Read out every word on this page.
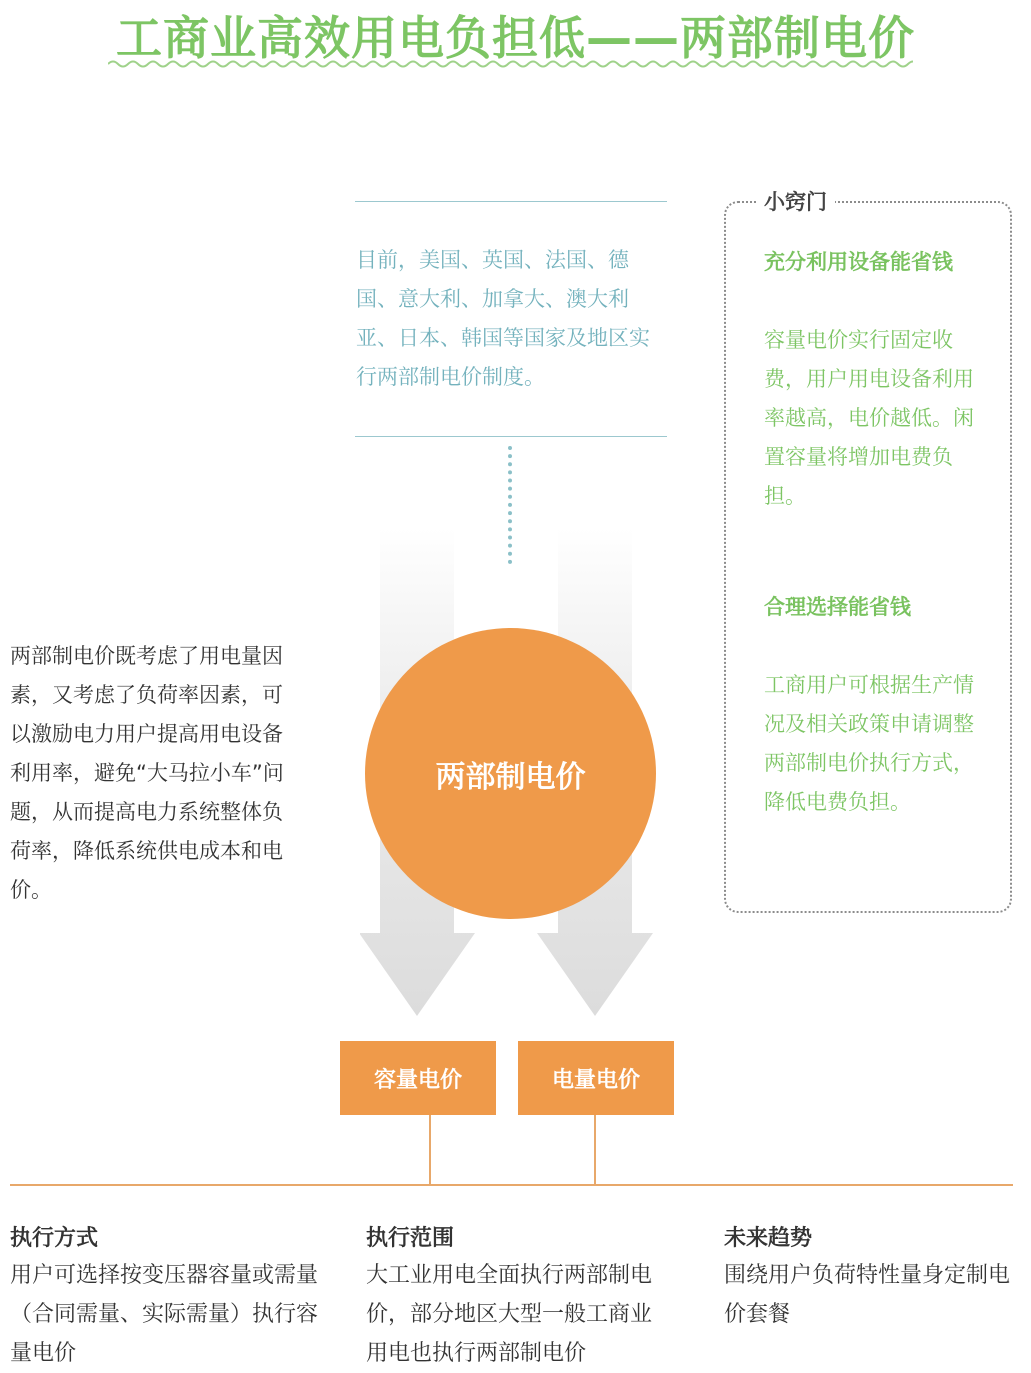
工商业高效用电负担低——两部制电价
目前，美国、英国、法国、德国、意大利、加拿大、澳大利亚、日本、韩国等国家及地区实行两部制电价制度。
两部制电价既考虑了用电量因素，又考虑了负荷率因素，可以激励电力用户提高用电设备利用率，避免“大马拉小车”问题，从而提高电力系统整体负荷率，降低系统供电成本和电价。
小窍门
充分利用设备能省钱
容量电价实行固定收费，用户用电设备利用率越高，电价越低。闲置容量将增加电费负担。
合理选择能省钱
工商用户可根据生产情况及相关政策申请调整两部制电价执行方式，降低电费负担。
两部制电价
容量电价	电量电价
执行方式
用户可选择按变压器容量或需量（合同需量、实际需量）执行容量电价
执行范围
大工业用电全面执行两部制电价，部分地区大型一般工商业用电也执行两部制电价
未来趋势
围绕用户负荷特性量身定制电价套餐
